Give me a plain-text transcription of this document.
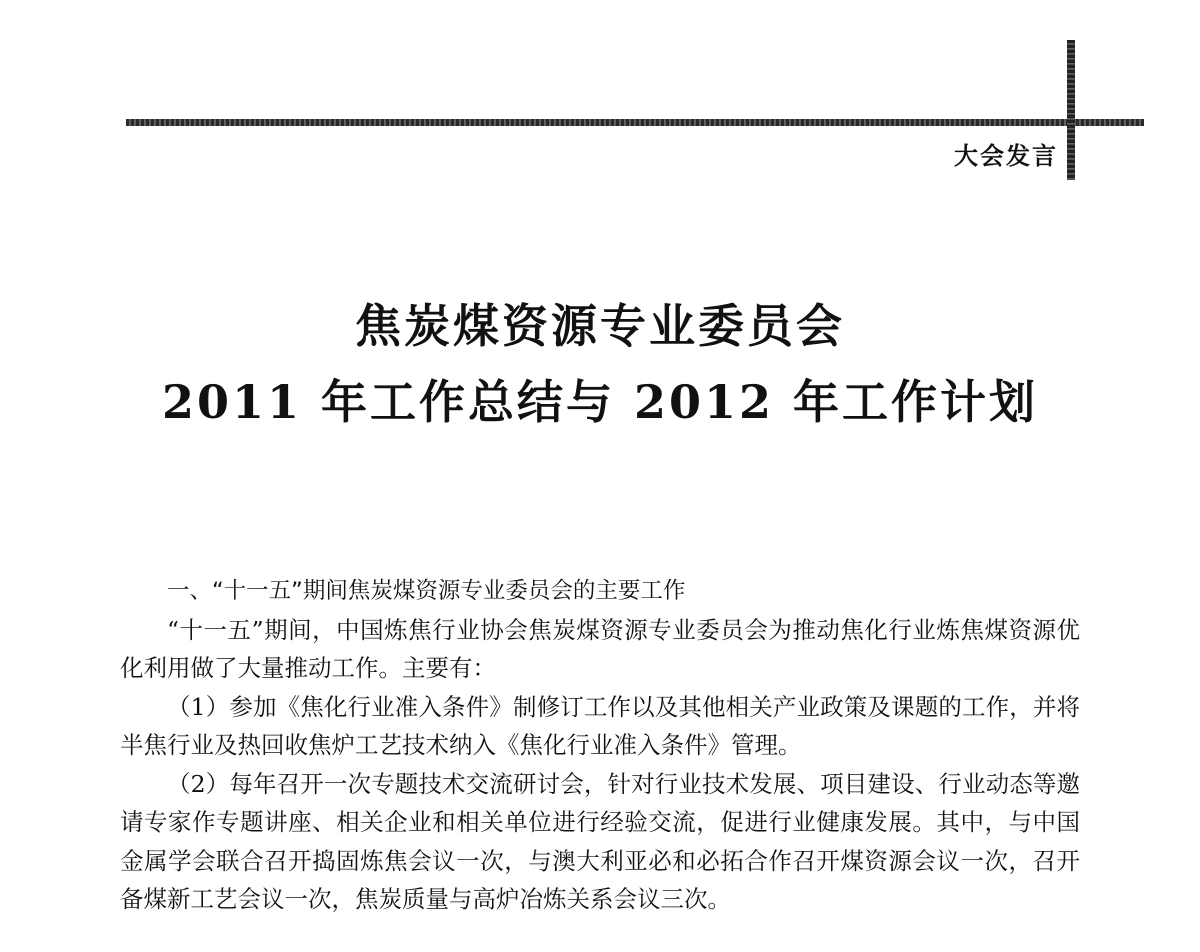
大会发言
焦炭煤资源专业委员会
2011 年工作总结与 2012 年工作计划

一、“十一五”期间焦炭煤资源专业委员会的主要工作

“十一五”期间，中国炼焦行业协会焦炭煤资源专业委员会为推动焦化行业炼焦煤资源优化利用做了大量推动工作。主要有：

（1）参加《焦化行业准入条件》制修订工作以及其他相关产业政策及课题的工作，并将半焦行业及热回收焦炉工艺技术纳入《焦化行业准入条件》管理。

（2）每年召开一次专题技术交流研讨会，针对行业技术发展、项目建设、行业动态等邀请专家作专题讲座、相关企业和相关单位进行经验交流，促进行业健康发展。其中，与中国金属学会联合召开捣固炼焦会议一次，与澳大利亚必和必拓合作召开煤资源会议一次，召开备煤新工艺会议一次，焦炭质量与高炉冶炼关系会议三次。
